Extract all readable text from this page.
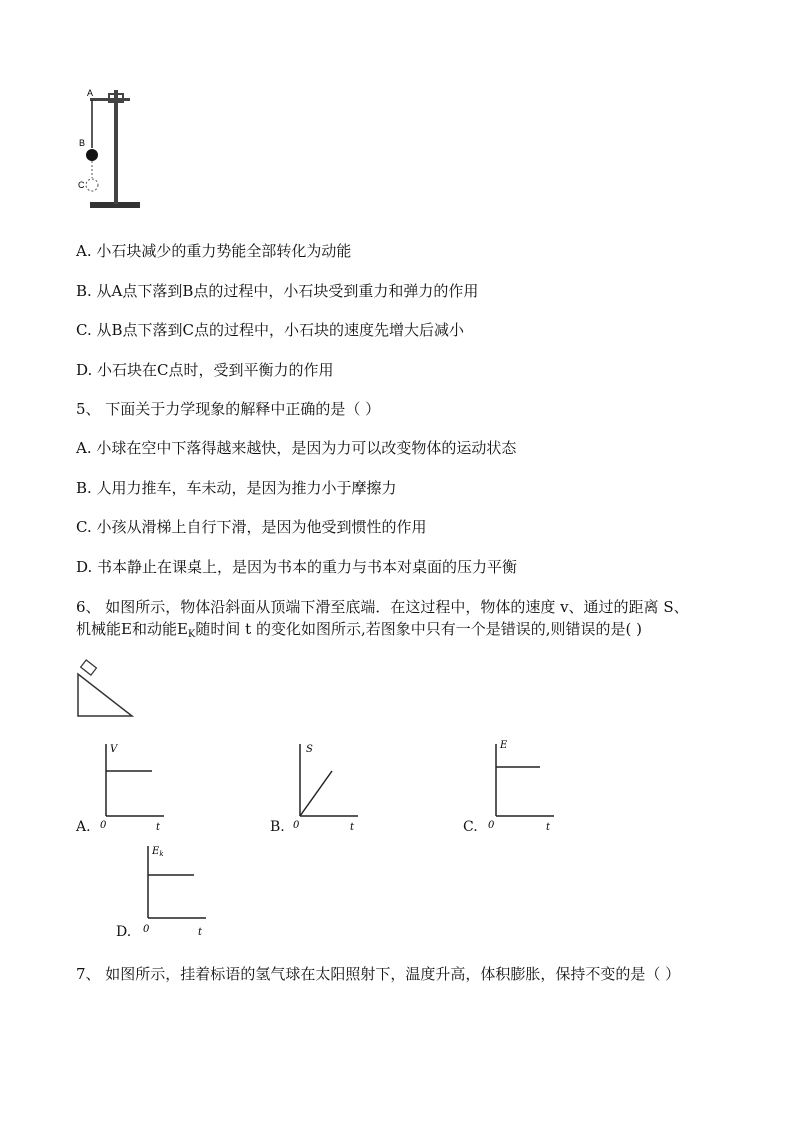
A
B
C
A. 小石块减少的重力势能全部转化为动能
B. 从A点下落到B点的过程中，小石块受到重力和弹力的作用
C. 从B点下落到C点的过程中，小石块的速度先增大后减小
D. 小石块在C点时，受到平衡力的作用
5、 下面关于力学现象的解释中正确的是（ ）
A. 小球在空中下落得越来越快，是因为力可以改变物体的运动状态
B. 人用力推车，车未动，是因为推力小于摩擦力
C. 小孩从滑梯上自行下滑，是因为他受到惯性的作用
D. 书本静止在课桌上，是因为书本的重力与书本对桌面的压力平衡
6、 如图所示，物体沿斜面从顶端下滑至底端．在这过程中，物体的速度 v、通过的距离 S、
机械能E和动能$E_K$随时间 t 的变化如图所示,若图象中只有一个是错误的,则错误的是( )
V
0	t
A.
S
0	t
B.
E
0	t
C.
$E_k$
0	t
D.
7、 如图所示，挂着标语的氢气球在太阳照射下，温度升高，体积膨胀，保持不变的是（ ）
